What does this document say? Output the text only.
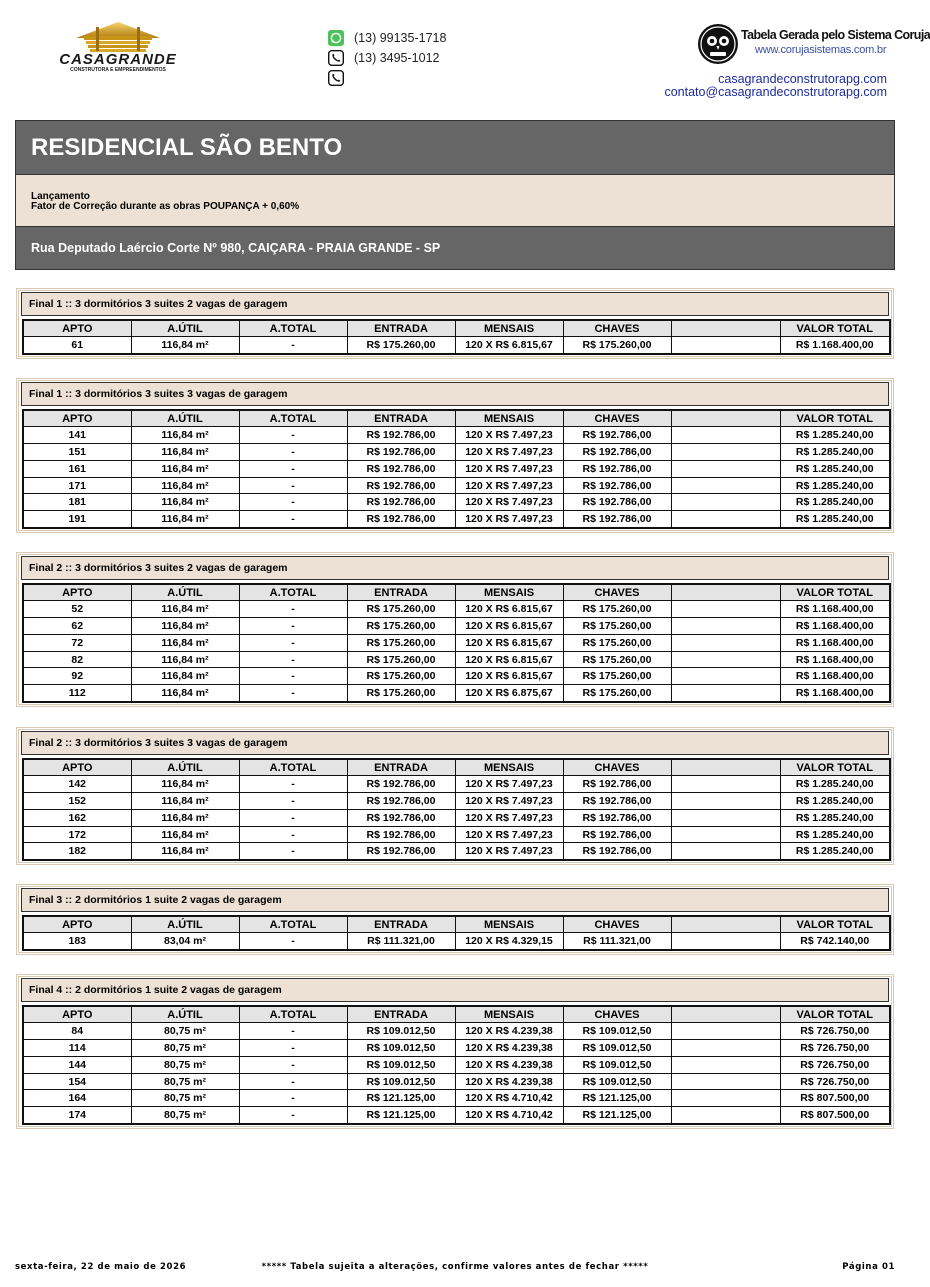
CASAGRANDE
CONSTRUTORA E EMPREENDIMENTOS
(13) 99135-1718
(13) 3495-1012
Tabela Gerada pelo Sistema Coruja
www.corujasistemas.com.br
casagrandeconstrutorapg.com
contato@casagrandeconstrutorapg.com
RESIDENCIAL SÃO BENTO
Lançamento
Fator de Correção durante as obras POUPANÇA + 0,60%
Rua Deputado Laércio Corte Nº 980, CAIÇARA - PRAIA GRANDE - SP
Final 1 :: 3 dormitórios 3 suites 2 vagas de garagem
APTO	A.ÚTIL	A.TOTAL	ENTRADA	MENSAIS	CHAVES		VALOR TOTAL
61	116,84 m²	-	R$ 175.260,00	120 X R$ 6.815,67	R$ 175.260,00		R$ 1.168.400,00
Final 1 :: 3 dormitórios 3 suites 3 vagas de garagem
APTO	A.ÚTIL	A.TOTAL	ENTRADA	MENSAIS	CHAVES		VALOR TOTAL
141	116,84 m²	-	R$ 192.786,00	120 X R$ 7.497,23	R$ 192.786,00		R$ 1.285.240,00
151	116,84 m²	-	R$ 192.786,00	120 X R$ 7.497,23	R$ 192.786,00		R$ 1.285.240,00
161	116,84 m²	-	R$ 192.786,00	120 X R$ 7.497,23	R$ 192.786,00		R$ 1.285.240,00
171	116,84 m²	-	R$ 192.786,00	120 X R$ 7.497,23	R$ 192.786,00		R$ 1.285.240,00
181	116,84 m²	-	R$ 192.786,00	120 X R$ 7.497,23	R$ 192.786,00		R$ 1.285.240,00
191	116,84 m²	-	R$ 192.786,00	120 X R$ 7.497,23	R$ 192.786,00		R$ 1.285.240,00
Final 2 :: 3 dormitórios 3 suites 2 vagas de garagem
APTO	A.ÚTIL	A.TOTAL	ENTRADA	MENSAIS	CHAVES		VALOR TOTAL
52	116,84 m²	-	R$ 175.260,00	120 X R$ 6.815,67	R$ 175.260,00		R$ 1.168.400,00
62	116,84 m²	-	R$ 175.260,00	120 X R$ 6.815,67	R$ 175.260,00		R$ 1.168.400,00
72	116,84 m²	-	R$ 175.260,00	120 X R$ 6.815,67	R$ 175.260,00		R$ 1.168.400,00
82	116,84 m²	-	R$ 175.260,00	120 X R$ 6.815,67	R$ 175.260,00		R$ 1.168.400,00
92	116,84 m²	-	R$ 175.260,00	120 X R$ 6.815,67	R$ 175.260,00		R$ 1.168.400,00
112	116,84 m²	-	R$ 175.260,00	120 X R$ 6.875,67	R$ 175.260,00		R$ 1.168.400,00
Final 2 :: 3 dormitórios 3 suites 3 vagas de garagem
APTO	A.ÚTIL	A.TOTAL	ENTRADA	MENSAIS	CHAVES		VALOR TOTAL
142	116,84 m²	-	R$ 192.786,00	120 X R$ 7.497,23	R$ 192.786,00		R$ 1.285.240,00
152	116,84 m²	-	R$ 192.786,00	120 X R$ 7.497,23	R$ 192.786,00		R$ 1.285.240,00
162	116,84 m²	-	R$ 192.786,00	120 X R$ 7.497,23	R$ 192.786,00		R$ 1.285.240,00
172	116,84 m²	-	R$ 192.786,00	120 X R$ 7.497,23	R$ 192.786,00		R$ 1.285.240,00
182	116,84 m²	-	R$ 192.786,00	120 X R$ 7.497,23	R$ 192.786,00		R$ 1.285.240,00
Final 3 :: 2 dormitórios 1 suite 2 vagas de garagem
APTO	A.ÚTIL	A.TOTAL	ENTRADA	MENSAIS	CHAVES		VALOR TOTAL
183	83,04 m²	-	R$ 111.321,00	120 X R$ 4.329,15	R$ 111.321,00		R$ 742.140,00
Final 4 :: 2 dormitórios 1 suite 2 vagas de garagem
APTO	A.ÚTIL	A.TOTAL	ENTRADA	MENSAIS	CHAVES		VALOR TOTAL
84	80,75 m²	-	R$ 109.012,50	120 X R$ 4.239,38	R$ 109.012,50		R$ 726.750,00
114	80,75 m²	-	R$ 109.012,50	120 X R$ 4.239,38	R$ 109.012,50		R$ 726.750,00
144	80,75 m²	-	R$ 109.012,50	120 X R$ 4.239,38	R$ 109.012,50		R$ 726.750,00
154	80,75 m²	-	R$ 109.012,50	120 X R$ 4.239,38	R$ 109.012,50		R$ 726.750,00
164	80,75 m²	-	R$ 121.125,00	120 X R$ 4.710,42	R$ 121.125,00		R$ 807.500,00
174	80,75 m²	-	R$ 121.125,00	120 X R$ 4.710,42	R$ 121.125,00		R$ 807.500,00
sexta-feira, 22 de maio de 2026	***** Tabela sujeita a alterações, confirme valores antes de fechar *****	Página 01
